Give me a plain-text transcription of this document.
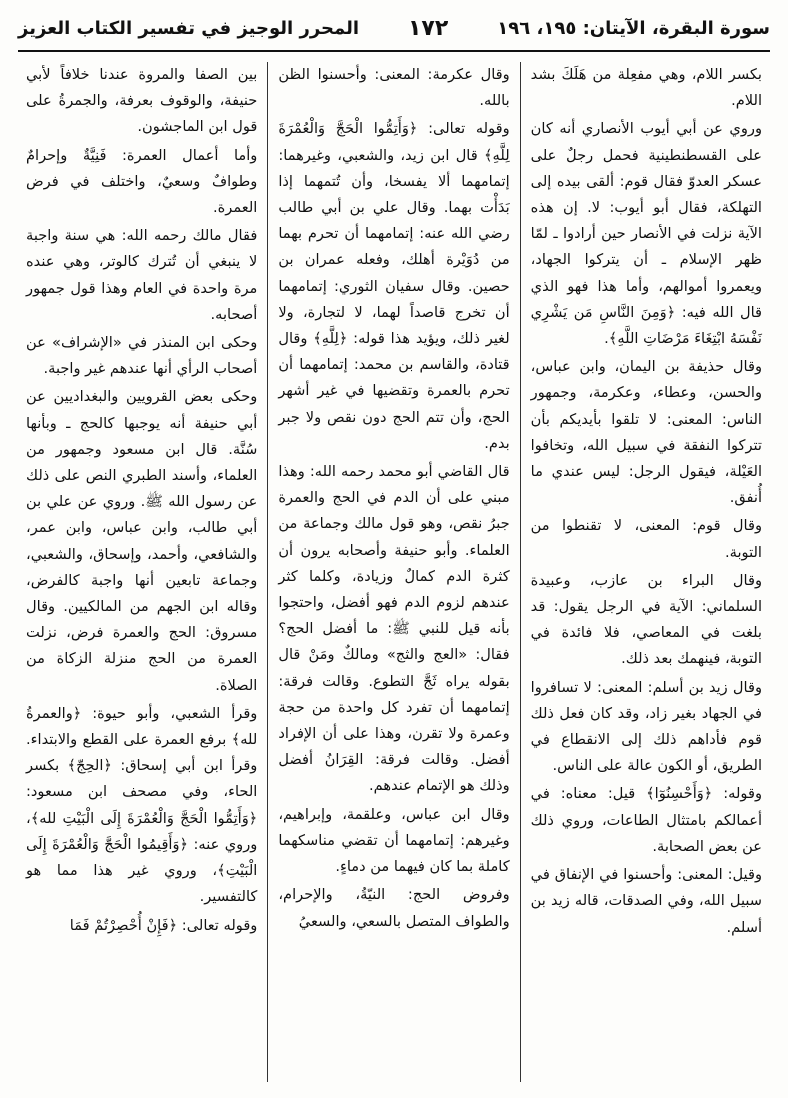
سورة البقرة، الآيتان: ١٩٥، ١٩٦
١٧٢
المحرر الوجيز في تفسير الكتاب العزيز

بكسر اللام، وهي مفعِلة من هَلَكَ بشد اللام.

وروي عن أبي أيوب الأنصاري أنه كان على القسطنطينية فحمل رجلٌ على عسكر العدوّ فقال قوم: ألقى بيده إلى التهلكة، فقال أبو أيوب: لا. إن هذه الآية نزلت في الأنصار حين أرادوا ـ لمّا ظهر الإسلام ـ أن يتركوا الجهاد، ويعمروا أموالهم، وأما هذا فهو الذي قال الله فيه: ﴿وَمِنَ النَّاسِ مَن يَشْرِي نَفْسَهُ ابْتِغَاءَ مَرْضَاتِ اللَّهِ﴾.

وقال حذيفة بن اليمان، وابن عباس، والحسن، وعطاء، وعكرمة، وجمهور الناس: المعنى: لا تلقوا بأيديكم بأن تتركوا النفقة في سبيل الله، وتخافوا العَيْلة، فيقول الرجل: ليس عندي ما أُنفق.

وقال قوم: المعنى، لا تقنطوا من التوبة.

وقال البراء بن عازب، وعبيدة السلماني: الآية في الرجل يقول: قد بلغت في المعاصي، فلا فائدة في التوبة، فينهمك بعد ذلك.

وقال زيد بن أسلم: المعنى: لا تسافروا في الجهاد بغير زاد، وقد كان فعل ذلك قوم فأداهم ذلك إلى الانقطاع في الطريق، أو الكون عالة على الناس.

وقوله: ﴿وَأَحْسِنُوٓا﴾ قيل: معناه: في أعمالكم بامتثال الطاعات، وروي ذلك عن بعض الصحابة.

وقيل: المعنى: وأحسنوا في الإنفاق في سبيل الله، وفي الصدقات، قاله زيد بن أسلم.

وقال عكرمة: المعنى: وأحسنوا الظن بالله.

وقوله تعالى: ﴿وَأَتِمُّوا الْحَجَّ وَالْعُمْرَةَ لِلَّهِ﴾ قال ابن زيد، والشعبي، وغيرهما: إتمامهما ألا يفسخا، وأن تُتمهما إذا بَدَأْت بهما. وقال علي بن أبي طالب رضي الله عنه: إتمامهما أن تحرم بهما من دُوَيْرة أهلك، وفعله عمران بن حصين. وقال سفيان الثوري: إتمامهما أن تخرج قاصداً لهما، لا لتجارة، ولا لغير ذلك، ويؤيد هذا قوله: ﴿لِلَّهِ﴾ وقال قتادة، والقاسم بن محمد: إتمامهما أن تحرم بالعمرة وتقضيها في غير أشهر الحج، وأن تتم الحج دون نقص ولا جبر بدم.

قال القاضي أبو محمد رحمه الله: وهذا مبني على أن الدم في الحج والعمرة جبرُ نقص، وهو قول مالك وجماعة من العلماء. وأبو حنيفة وأصحابه يرون أن كثرة الدم كمالٌ وزيادة، وكلما كثر عندهم لزوم الدم فهو أفضل، واحتجوا بأنه قيل للنبي ﷺ: ما أفضل الحج؟ فقال: «العج والثج» ومالكٌ ومَنْ قال بقوله يراه ثَجَّ التطوع. وقالت فرقة: إتمامهما أن تفرد كل واحدة من حجة وعمرة ولا تقرن، وهذا على أن الإفراد أفضل. وقالت فرقة: القِرَانُ أفضل وذلك هو الإتمام عندهم.

وقال ابن عباس، وعلقمة، وإبراهيم، وغيرهم: إتمامهما أن تقضي مناسكهما كاملة بما كان فيهما من دماءٍ.

وفروض الحج: النيّةُ، والإحرام، والطواف المتصل بالسعي، والسعيُ

بين الصفا والمروة عندنا خلافاً لأبي حنيفة، والوقوف بعرفة، والجمرةُ على قول ابن الماجشون.

وأما أعمال العمرة: فَنِيَّةٌ وإحرامٌ وطوافٌ وسعيٌ، واختلف في فرض العمرة.

فقال مالك رحمه الله: هي سنة واجبة لا ينبغي أن تُترك كالوتر، وهي عنده مرة واحدة في العام وهذا قول جمهور أصحابه.

وحكى ابن المنذر في «الإشراف» عن أصحاب الرأي أنها عندهم غير واجبة.

وحكى بعض القرويين والبغداديين عن أبي حنيفة أنه يوجبها كالحج ـ وبأنها سُنَّة. قال ابن مسعود وجمهور من العلماء، وأسند الطبري النص على ذلك عن رسول الله ﷺ. وروي عن علي بن أبي طالب، وابن عباس، وابن عمر، والشافعي، وأحمد، وإسحاق، والشعبي، وجماعة تابعين أنها واجبة كالفرض، وقاله ابن الجهم من المالكيين. وقال مسروق: الحج والعمرة فرض، نزلت العمرة من الحج منزلة الزكاة من الصلاة.

وقرأ الشعبي، وأبو حيوة: ﴿والعمرةُ لله﴾ برفع العمرة على القطع والابتداء. وقرأ ابن أبي إسحاق: ﴿الحِجّ﴾ بكسر الحاء، وفي مصحف ابن مسعود: ﴿وَأَتِمُّوا الْحَجَّ وَالْعُمْرَةَ إِلَى الْبَيْتِ لله﴾، وروي عنه: ﴿وَأَقِيمُوا الْحَجَّ وَالْعُمْرَةَ إِلَى الْبَيْتِ﴾، وروي غير هذا مما هو كالتفسير.

وقوله تعالى: ﴿فَإِنْ أُحْصِرْتُمْ فَمَا
